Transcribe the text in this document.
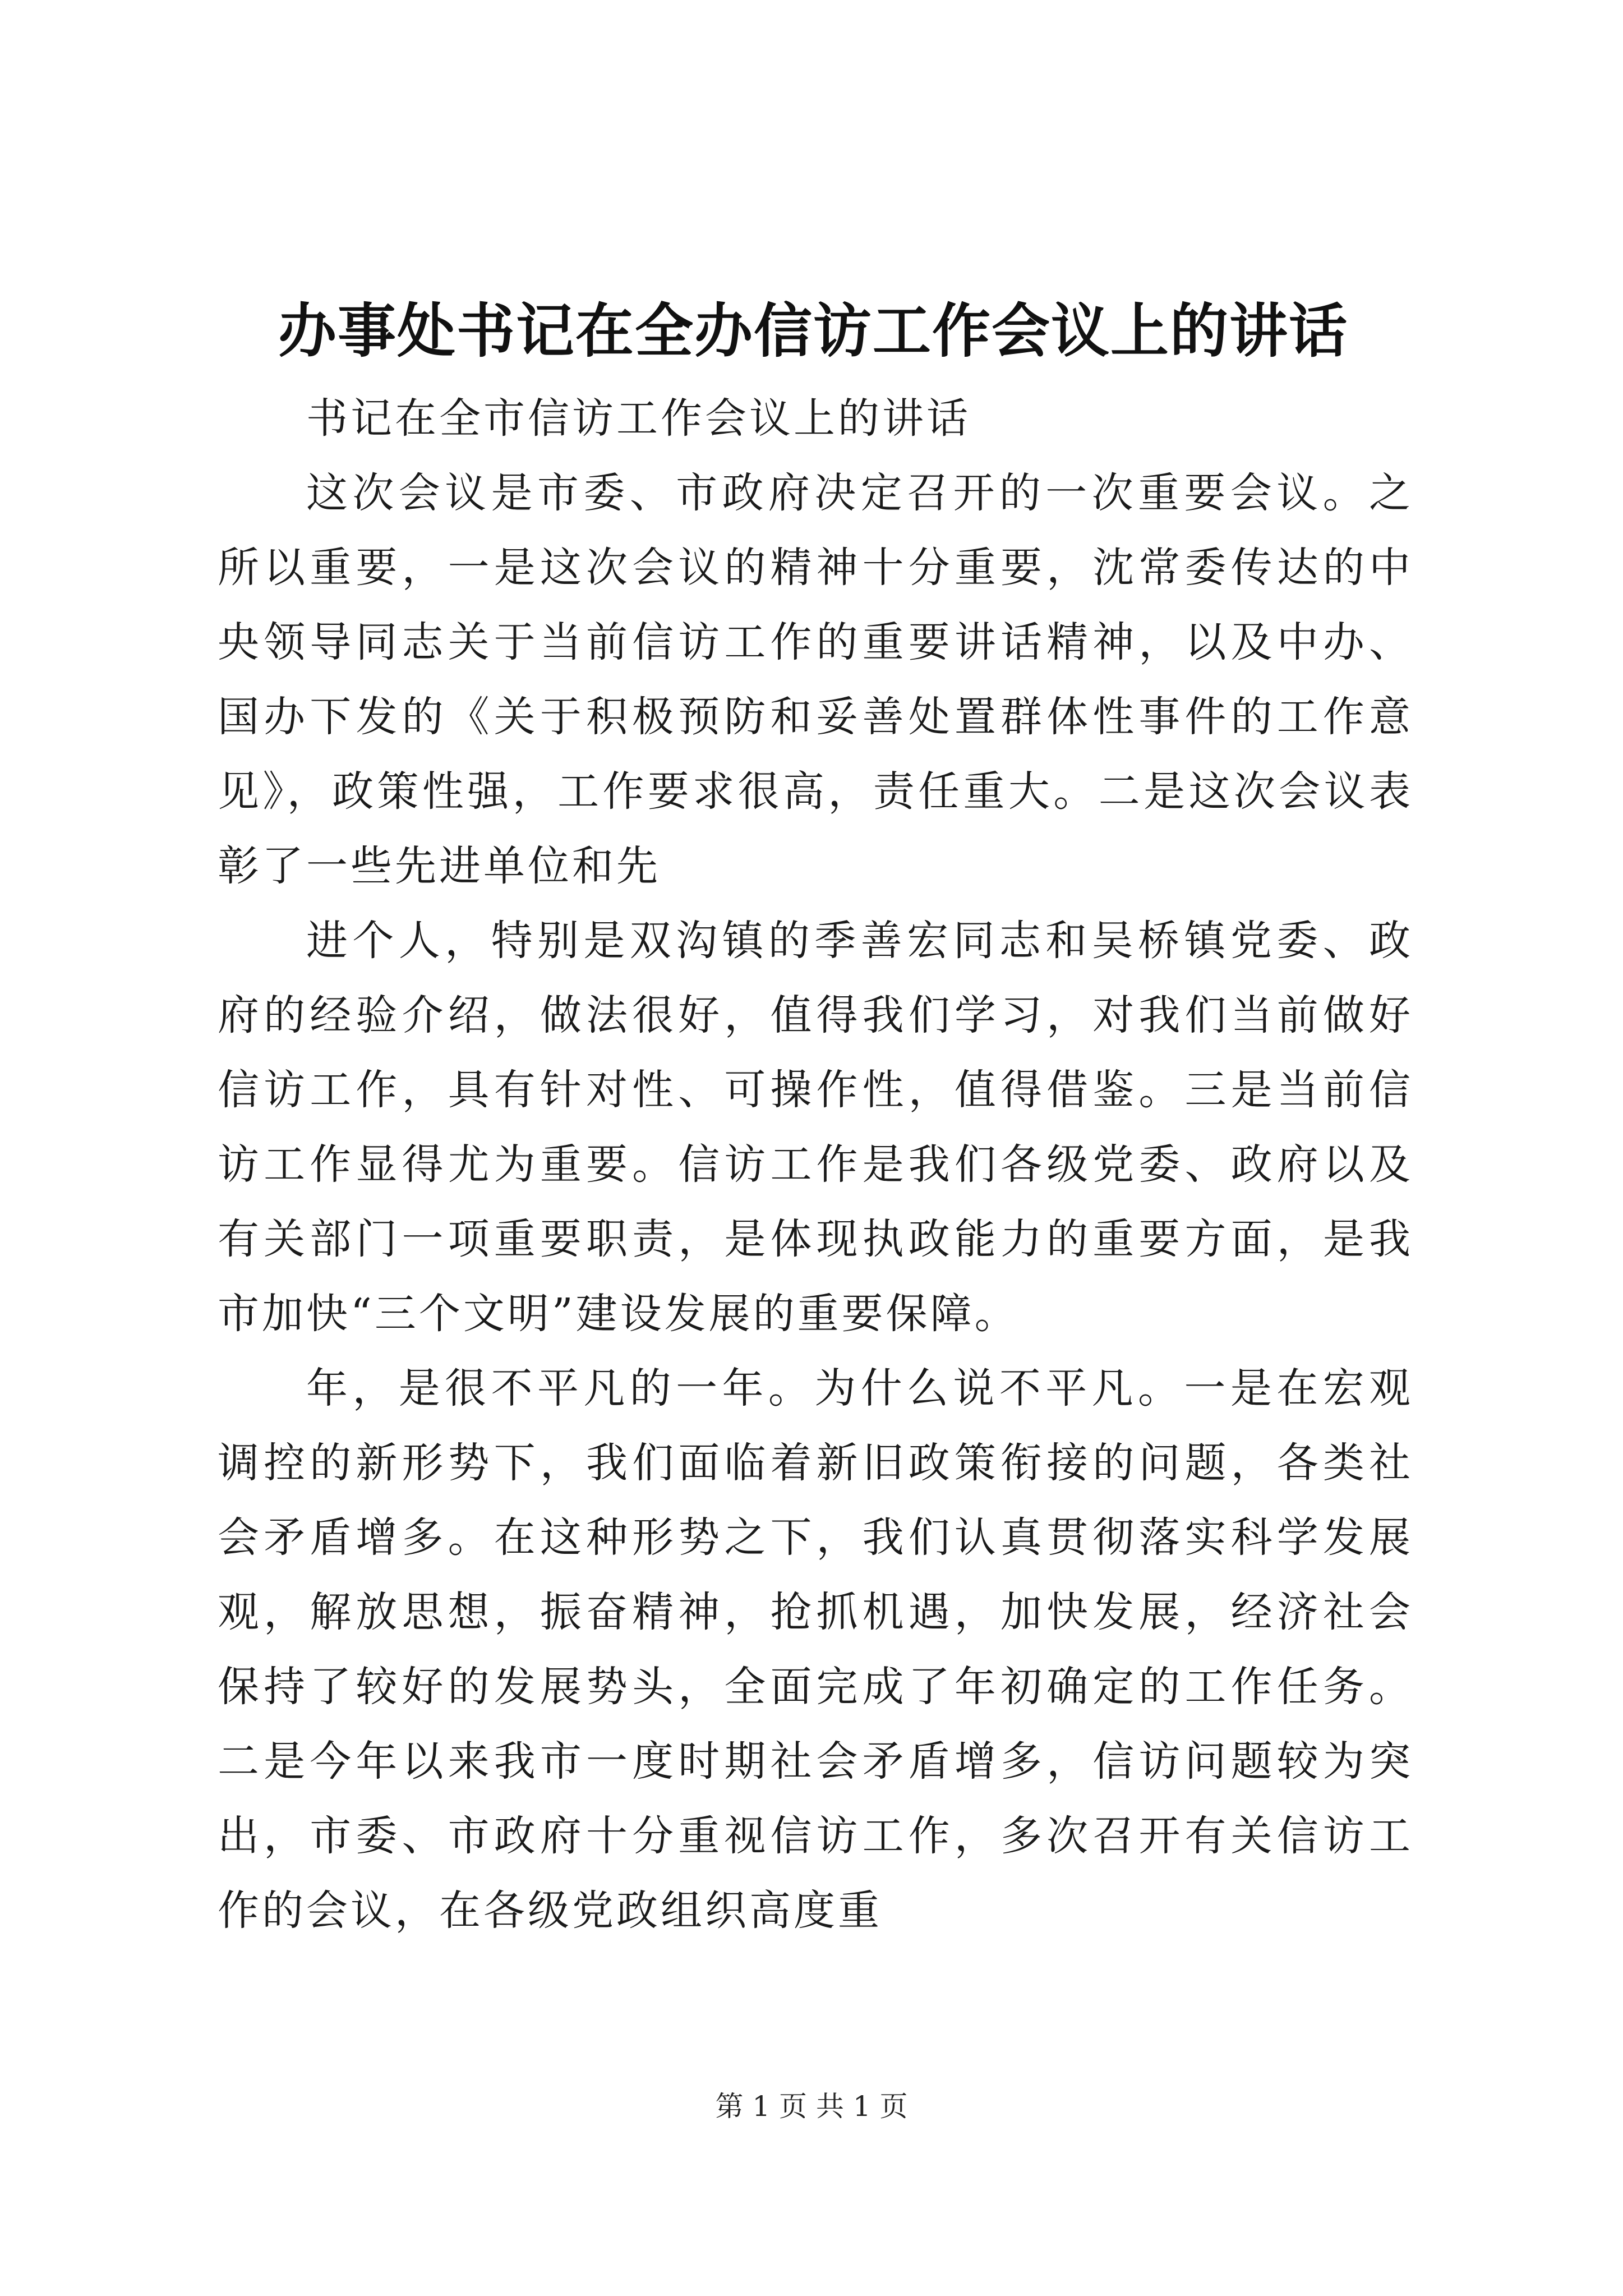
办事处书记在全办信访工作会议上的讲话

书记在全市信访工作会议上的讲话

这次会议是市委、市政府决定召开的一次重要会议。之所以重要，一是这次会议的精神十分重要，沈常委传达的中央领导同志关于当前信访工作的重要讲话精神，以及中办、国办下发的《关于积极预防和妥善处置群体性事件的工作意见》，政策性强，工作要求很高，责任重大。二是这次会议表彰了一些先进单位和先

进个人，特别是双沟镇的季善宏同志和吴桥镇党委、政府的经验介绍，做法很好，值得我们学习，对我们当前做好信访工作，具有针对性、可操作性，值得借鉴。三是当前信访工作显得尤为重要。信访工作是我们各级党委、政府以及有关部门一项重要职责，是体现执政能力的重要方面，是我市加快“三个文明”建设发展的重要保障。

年，是很不平凡的一年。为什么说不平凡。一是在宏观调控的新形势下，我们面临着新旧政策衔接的问题，各类社会矛盾增多。在这种形势之下，我们认真贯彻落实科学发展观，解放思想，振奋精神，抢抓机遇，加快发展，经济社会保持了较好的发展势头，全面完成了年初确定的工作任务。二是今年以来我市一度时期社会矛盾增多，信访问题较为突出，市委、市政府十分重视信访工作，多次召开有关信访工作的会议，在各级党政组织高度重

第 1 页 共 1 页
